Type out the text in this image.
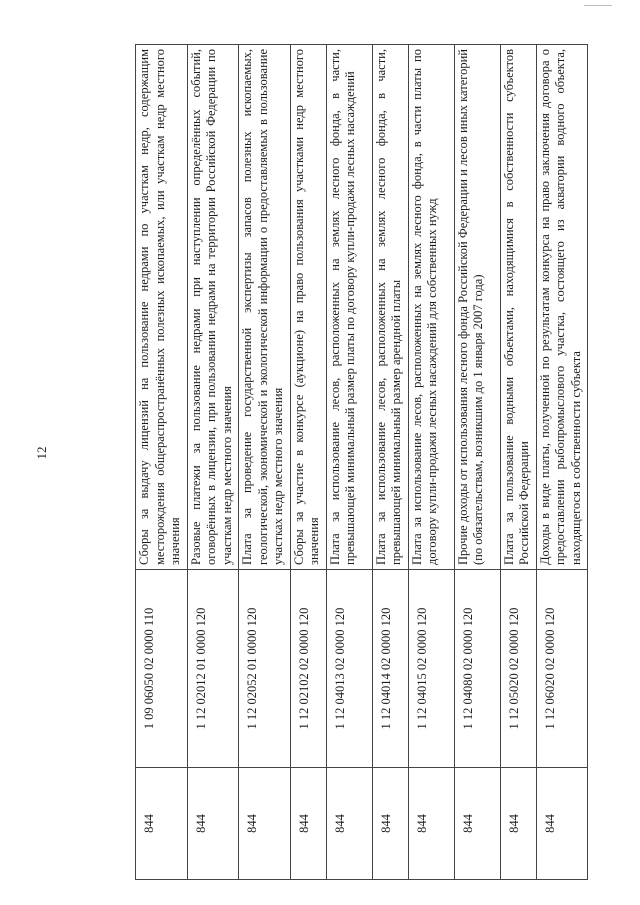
12
844	1 09 06050 02 0000 110	Сборы за выдачу лицензий на пользование недрами по участкам недр, содержащим месторождения общераспространённых полезных ископаемых, или участкам недр местного значения
844	1 12 02012 01 0000 120	Разовые платежи за пользование недрами при наступлении определённых событий, оговорённых в лицензии, при пользовании недрами на территории Российской Федерации по участкам недр местного значения
844	1 12 02052 01 0000 120	Плата за проведение государственной экспертизы запасов полезных ископаемых, геологической, экономической и экологической информации о предоставляемых в пользование участках недр местного значения
844	1 12 02102 02 0000 120	Сборы за участие в конкурсе (аукционе) на право пользования участками недр местного значения
844	1 12 04013 02 0000 120	Плата за использование лесов, расположенных на землях лесного фонда, в части, превышающей минимальный размер платы по договору купли-продажи лесных насаждений
844	1 12 04014 02 0000 120	Плата за использование лесов, расположенных на землях лесного фонда, в части, превышающей минимальный размер арендной платы
844	1 12 04015 02 0000 120	Плата за использование лесов, расположенных на землях лесного фонда, в части платы по договору купли-продажи лесных насаждений для собственных нужд
844	1 12 04080 02 0000 120	Прочие доходы от использования лесного фонда Российской Федерации и лесов иных категорий (по обязательствам, возникшим до 1 января 2007 года)
844	1 12 05020 02 0000 120	Плата за пользование водными объектами, находящимися в собственности субъектов Российской Федерации
844	1 12 06020 02 0000 120	Доходы в виде платы, полученной по результатам конкурса на право заключения договора о предоставлении рыбопромыслового участка, состоящего из акватории водного объекта, находящегося в собственности субъекта
